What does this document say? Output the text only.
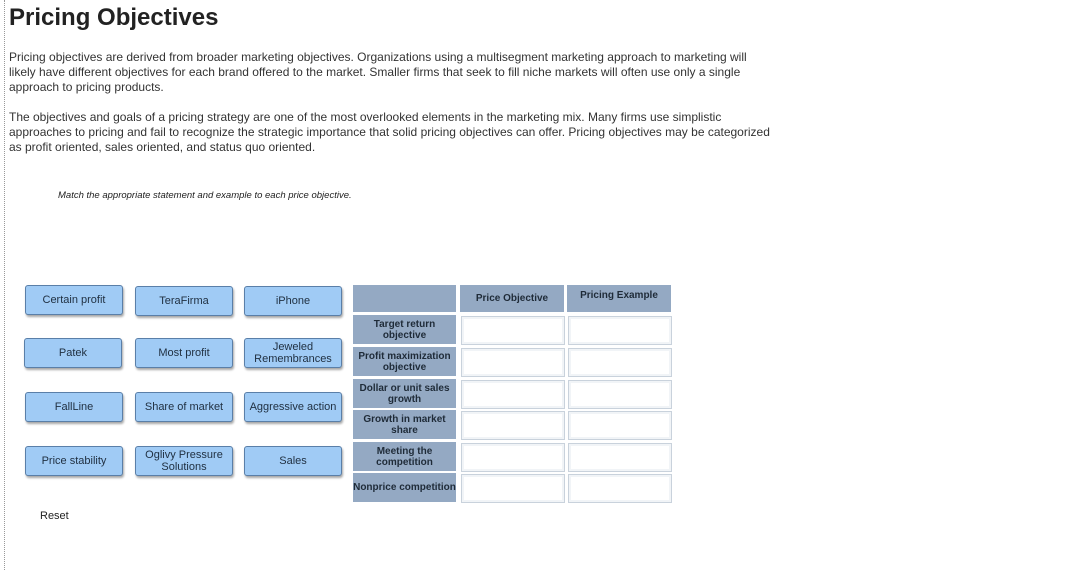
Pricing Objectives

Pricing objectives are derived from broader marketing objectives. Organizations using a multisegment marketing approach to marketing will likely have different objectives for each brand offered to the market. Smaller firms that seek to fill niche markets will often use only a single approach to pricing products.

The objectives and goals of a pricing strategy are one of the most overlooked elements in the marketing mix. Many firms use simplistic approaches to pricing and fail to recognize the strategic importance that solid pricing objectives can offer. Pricing objectives may be categorized as profit oriented, sales oriented, and status quo oriented.

Match the appropriate statement and example to each price objective.
Certain profit	TeraFirma	iPhone
Patek	Most profit	Jeweled Remembrances
FallLine	Share of market	Aggressive action
Price stability	Oglivy Pressure Solutions	Sales
Price Objective	Pricing Example
Target return objective
Profit maximization objective
Dollar or unit sales growth
Growth in market share
Meeting the competition
Nonprice competition
Reset
